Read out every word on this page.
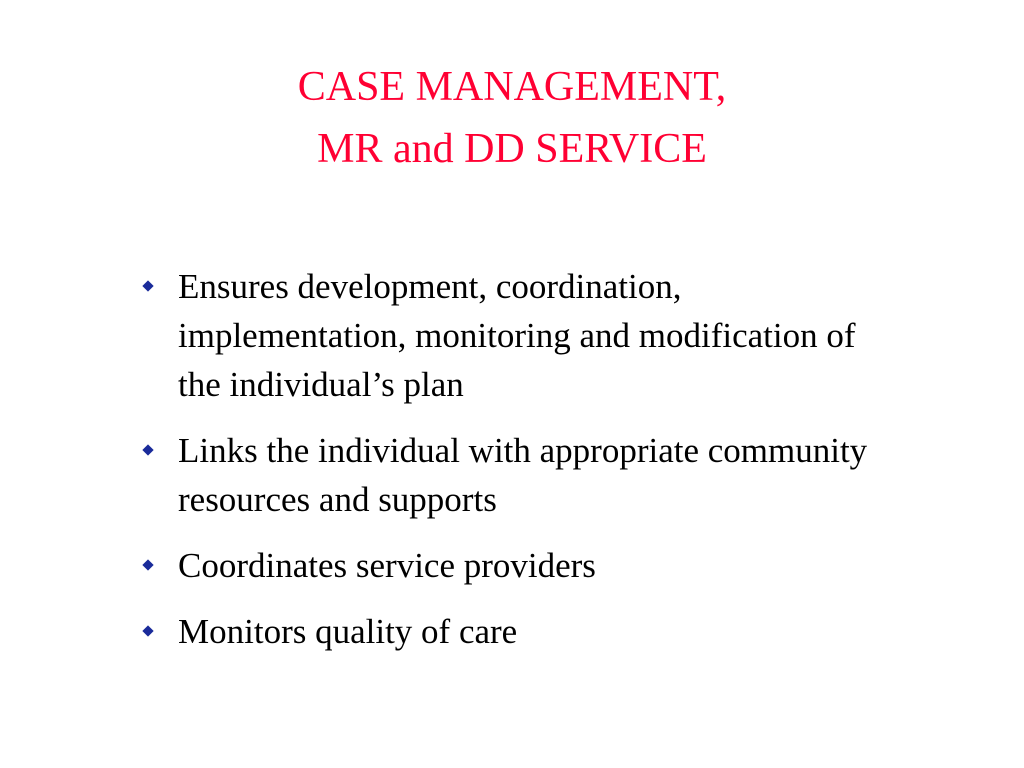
CASE MANAGEMENT,
MR and DD SERVICE
Ensures development, coordination, implementation, monitoring and modification of the individual’s plan
Links the individual with appropriate community resources and supports
Coordinates service providers
Monitors quality of care
